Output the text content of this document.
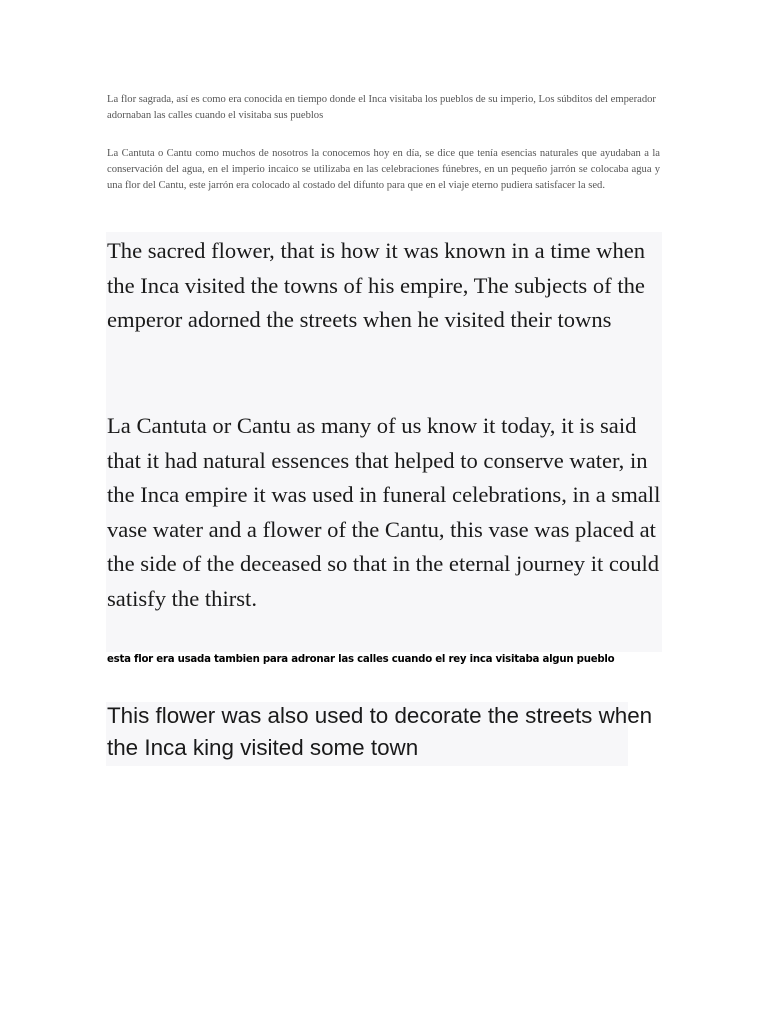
La flor sagrada, así es como era conocida en tiempo donde el Inca visitaba los pueblos de su imperio, Los súbditos del emperador adornaban las calles cuando el visitaba sus pueblos

La Cantuta o Cantu como muchos de nosotros la conocemos hoy en día, se dice que tenía esencias naturales que ayudaban a la conservación del agua, en el imperio incaico se utilizaba en las celebraciones fúnebres, en un pequeño jarrón se colocaba agua y una flor del Cantu, este jarrón era colocado al costado del difunto para que en el viaje eterno pudiera satisfacer la sed.

The sacred flower, that is how it was known in a time when the Inca visited the towns of his empire, The subjects of the emperor adorned the streets when he visited their towns

La Cantuta or Cantu as many of us know it today, it is said that it had natural essences that helped to conserve water, in the Inca empire it was used in funeral celebrations, in a small vase water and a flower of the Cantu, this vase was placed at the side of the deceased so that in the eternal journey it could satisfy the thirst.

esta flor era usada tambien para adronar las calles cuando el rey inca visitaba algun pueblo

This flower was also used to decorate the streets when the Inca king visited some town
